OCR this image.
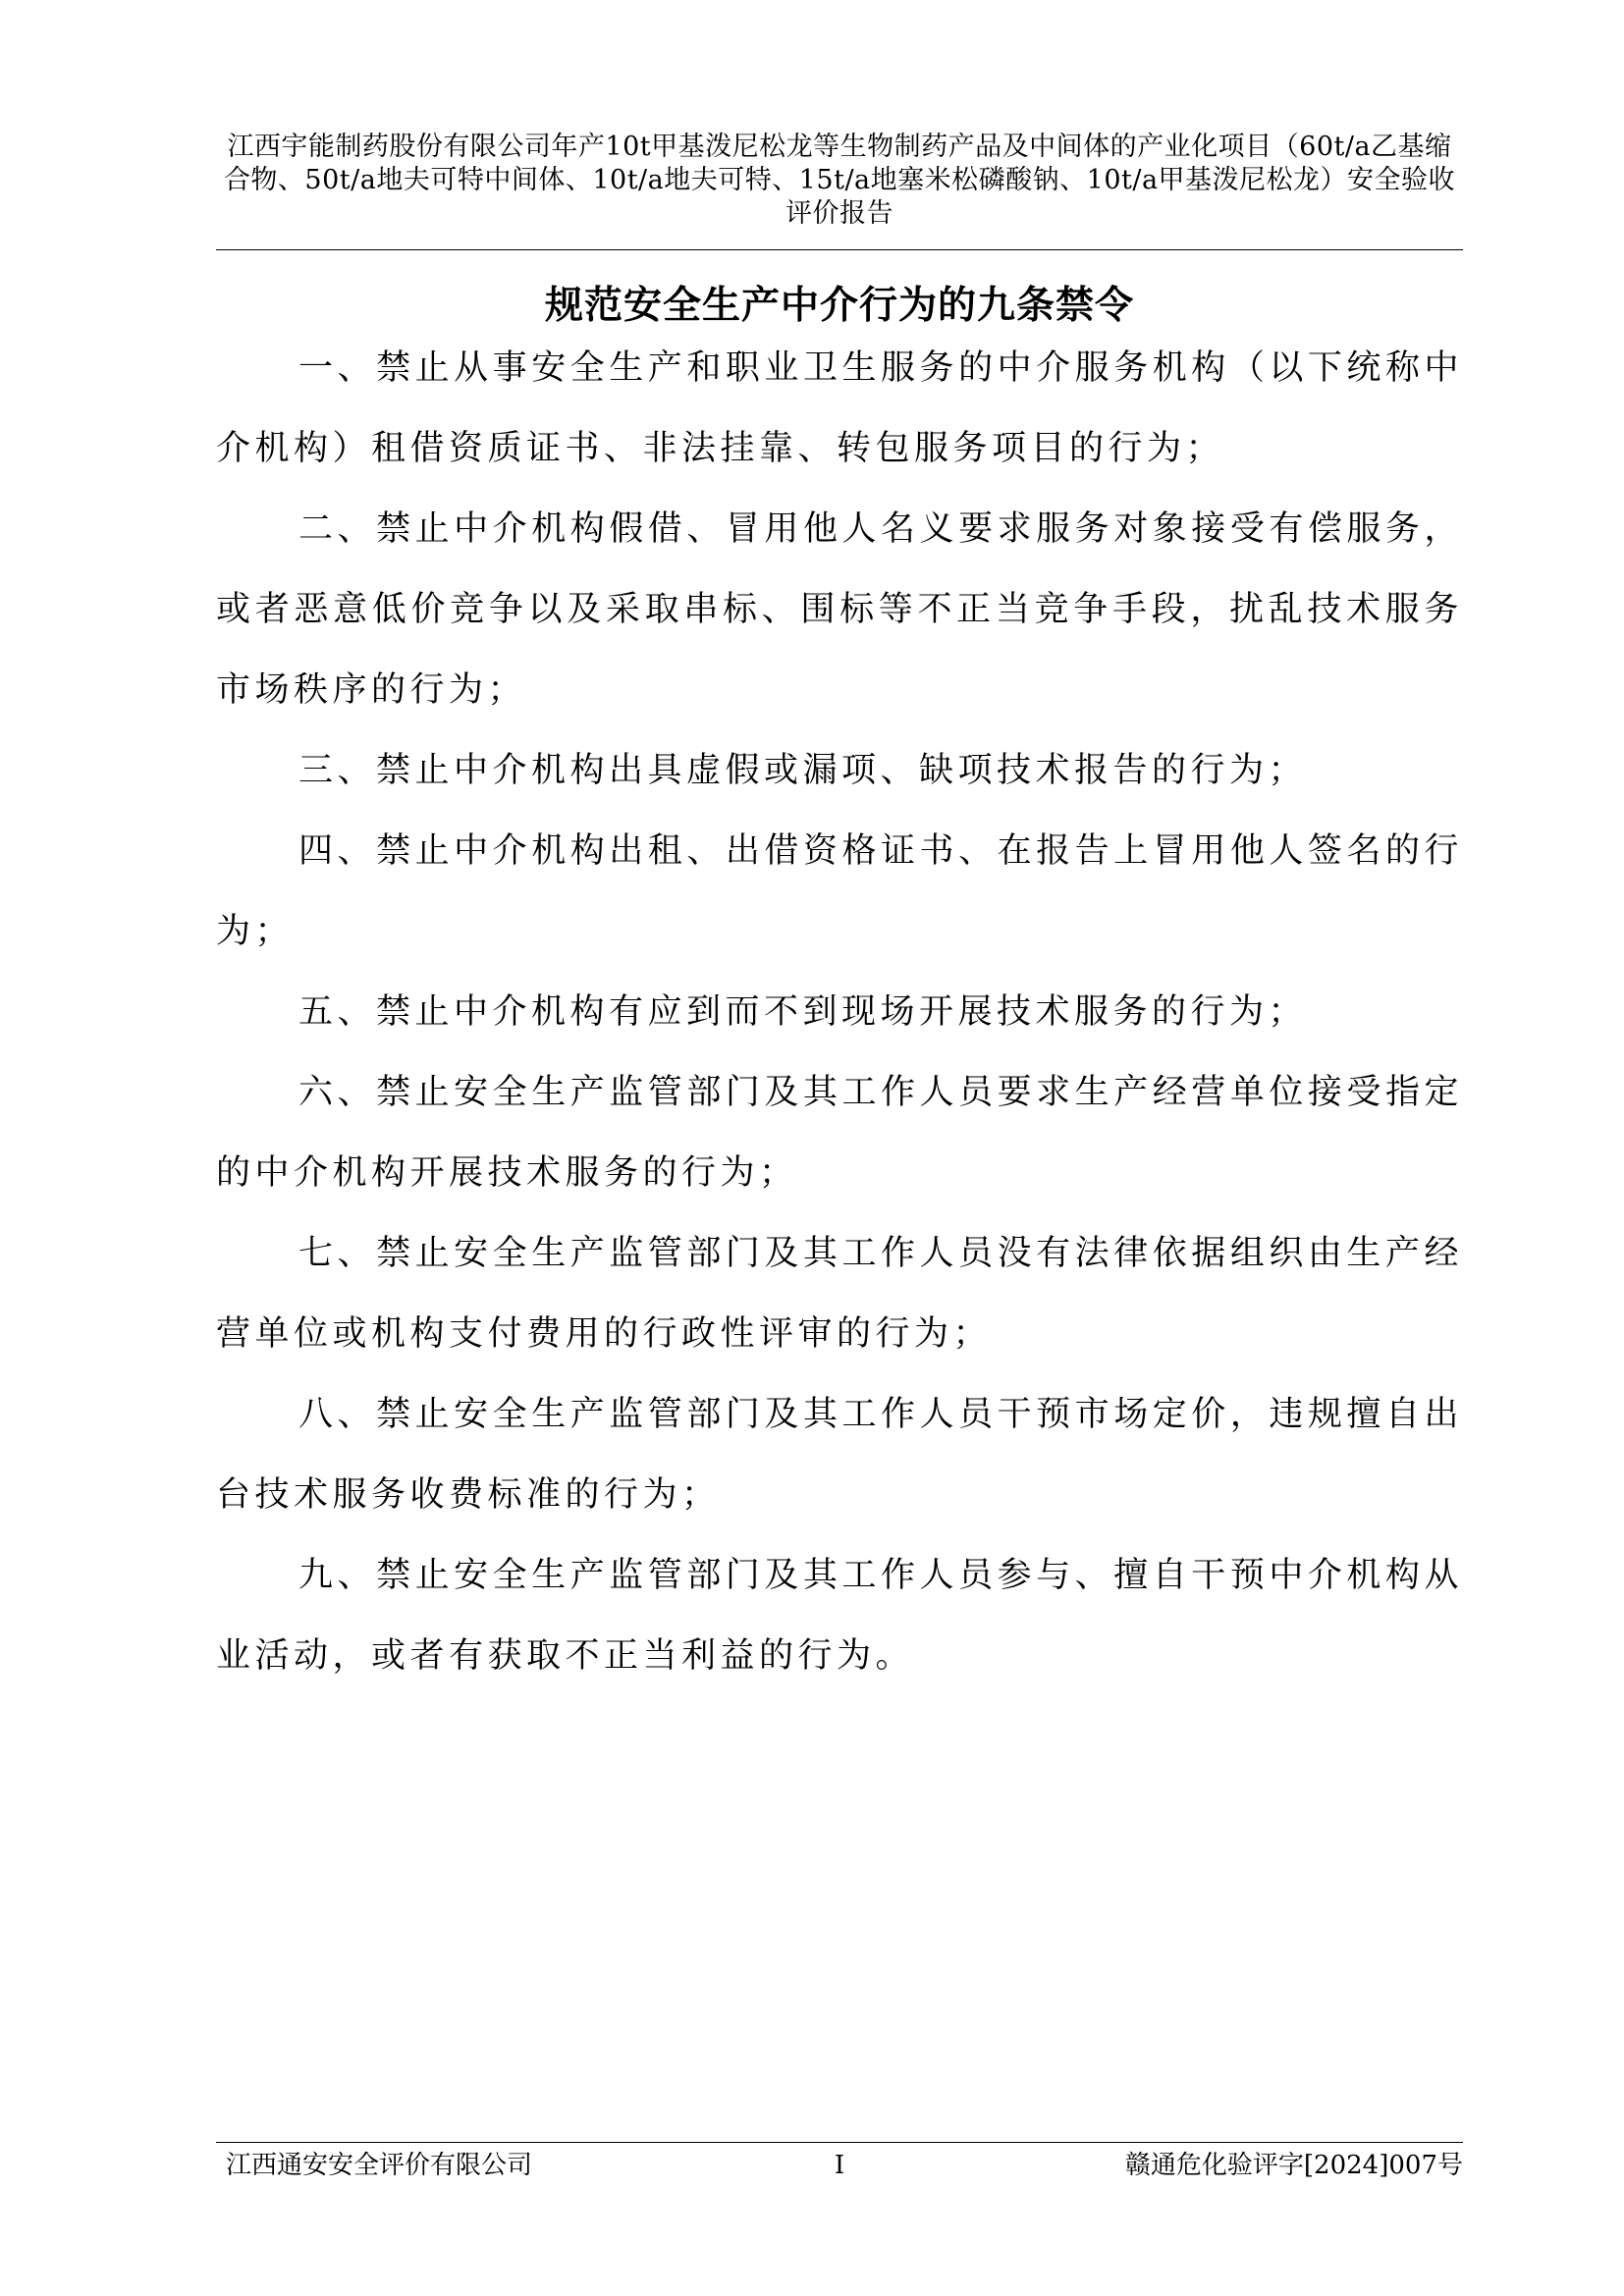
江西宇能制药股份有限公司年产10t甲基泼尼松龙等生物制药产品及中间体的产业化项目（60t/a乙基缩合物、50t/a地夫可特中间体、10t/a地夫可特、15t/a地塞米松磷酸钠、10t/a甲基泼尼松龙）安全验收评价报告
规范安全生产中介行为的九条禁令

一、禁止从事安全生产和职业卫生服务的中介服务机构（以下统称中介机构）租借资质证书、非法挂靠、转包服务项目的行为；

二、禁止中介机构假借、冒用他人名义要求服务对象接受有偿服务，或者恶意低价竞争以及采取串标、围标等不正当竞争手段，扰乱技术服务市场秩序的行为；

三、禁止中介机构出具虚假或漏项、缺项技术报告的行为；

四、禁止中介机构出租、出借资格证书、在报告上冒用他人签名的行为；

五、禁止中介机构有应到而不到现场开展技术服务的行为；

六、禁止安全生产监管部门及其工作人员要求生产经营单位接受指定的中介机构开展技术服务的行为；

七、禁止安全生产监管部门及其工作人员没有法律依据组织由生产经营单位或机构支付费用的行政性评审的行为；

八、禁止安全生产监管部门及其工作人员干预市场定价，违规擅自出台技术服务收费标准的行为；

九、禁止安全生产监管部门及其工作人员参与、擅自干预中介机构从业活动，或者有获取不正当利益的行为。

江西通安安全评价有限公司	I	赣通危化验评字[2024]007号
